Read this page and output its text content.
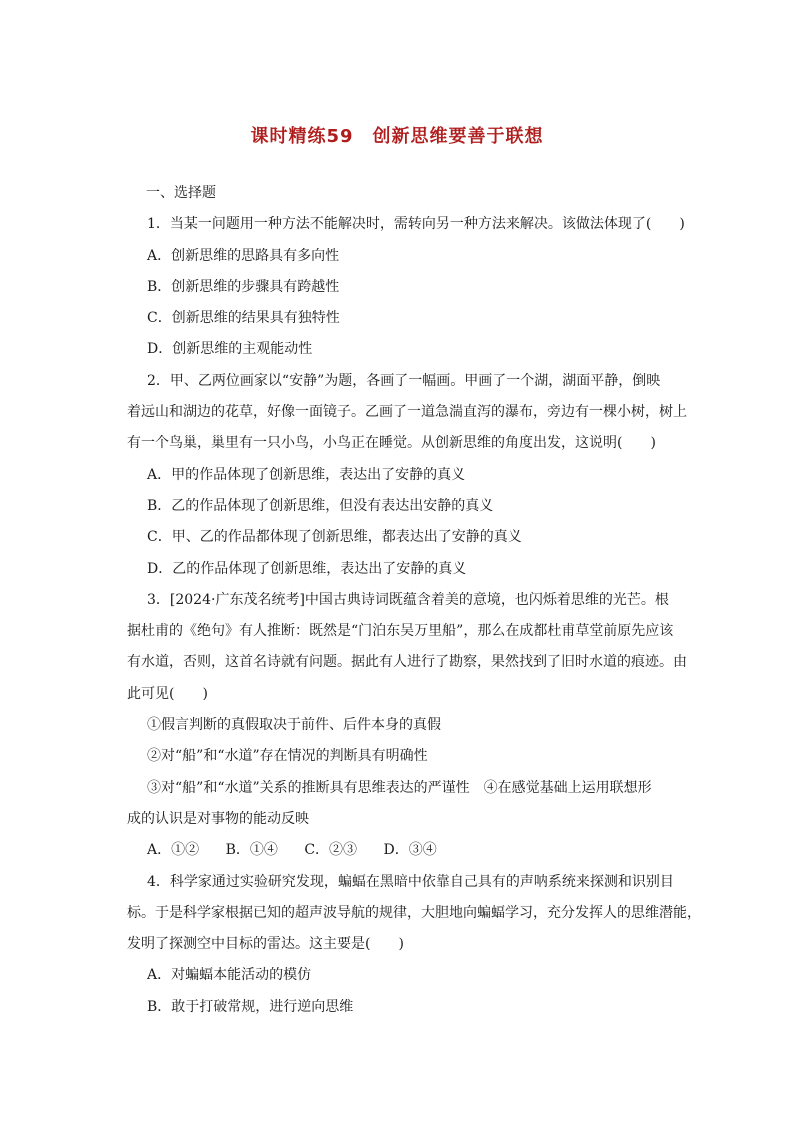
课时精练59　创新思维要善于联想
一、选择题
1．当某一问题用一种方法不能解决时，需转向另一种方法来解决。该做法体现了(　　)
A．创新思维的思路具有多向性
B．创新思维的步骤具有跨越性
C．创新思维的结果具有独特性
D．创新思维的主观能动性
2．甲、乙两位画家以“安静”为题，各画了一幅画。甲画了一个湖，湖面平静，倒映
着远山和湖边的花草，好像一面镜子。乙画了一道急湍直泻的瀑布，旁边有一棵小树，树上
有一个鸟巢，巢里有一只小鸟，小鸟正在睡觉。从创新思维的角度出发，这说明(　　)
A．甲的作品体现了创新思维，表达出了安静的真义
B．乙的作品体现了创新思维，但没有表达出安静的真义
C．甲、乙的作品都体现了创新思维，都表达出了安静的真义
D．乙的作品体现了创新思维，表达出了安静的真义
3．[2024·广东茂名统考]中国古典诗词既蕴含着美的意境，也闪烁着思维的光芒。根
据杜甫的《绝句》有人推断：既然是“门泊东吴万里船”，那么在成都杜甫草堂前原先应该
有水道，否则，这首名诗就有问题。据此有人进行了勘察，果然找到了旧时水道的痕迹。由
此可见(　　)
①假言判断的真假取决于前件、后件本身的真假
②对“船”和“水道”存在情况的判断具有明确性
③对“船”和“水道”关系的推断具有思维表达的严谨性　④在感觉基础上运用联想形
成的认识是对事物的能动反映
A．①② B．①④ C．②③ D．③④
4．科学家通过实验研究发现，蝙蝠在黑暗中依靠自己具有的声呐系统来探测和识别目
标。于是科学家根据已知的超声波导航的规律，大胆地向蝙蝠学习，充分发挥人的思维潜能，
发明了探测空中目标的雷达。这主要是(　　)
A．对蝙蝠本能活动的模仿
B．敢于打破常规，进行逆向思维
